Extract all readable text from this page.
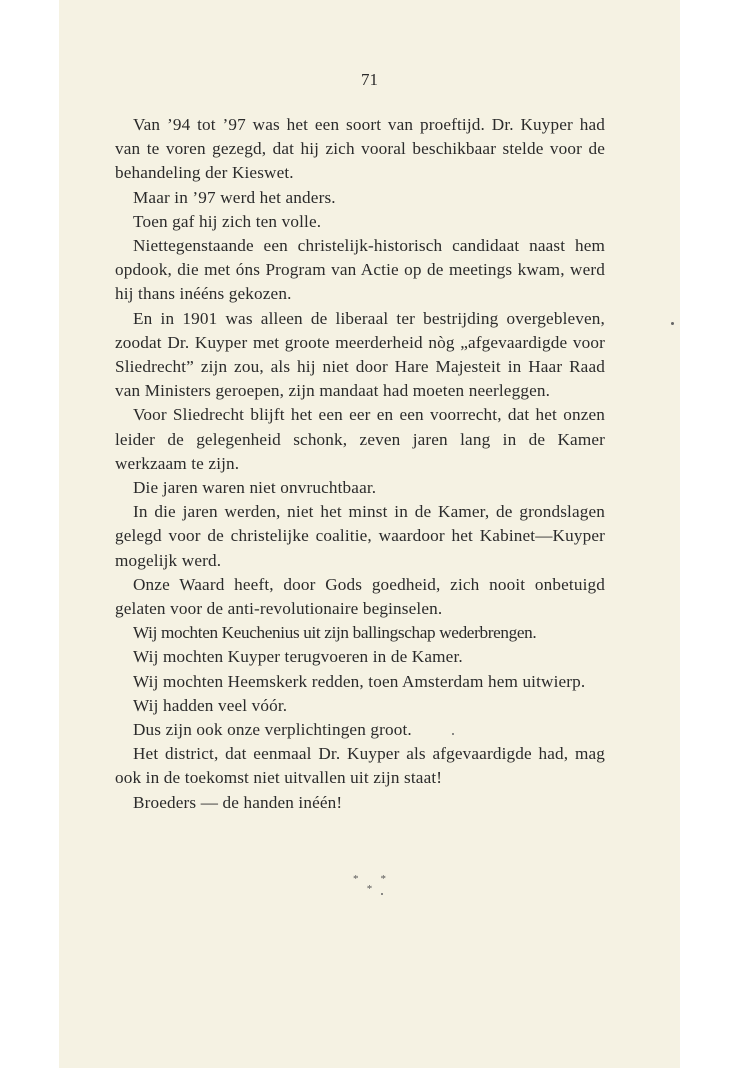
71

Van ’94 tot ’97 was het een soort van proeftijd. Dr. Kuyper had van te voren gezegd, dat hij zich vooral beschikbaar stelde voor de behandeling der Kieswet.

Maar in ’97 werd het anders.

Toen gaf hij zich ten volle.

Niettegenstaande een christelijk-historisch candidaat naast hem opdook, die met óns Program van Actie op de meetings kwam, werd hij thans inééns gekozen.

En in 1901 was alleen de liberaal ter bestrijding overgebleven, zoodat Dr. Kuyper met groote meerderheid nòg „afgevaardigde voor Sliedrecht” zijn zou, als hij niet door Hare Majesteit in Haar Raad van Ministers geroepen, zijn mandaat had moeten neerleggen.

Voor Sliedrecht blijft het een eer en een voorrecht, dat het onzen leider de gelegenheid schonk, zeven jaren lang in de Kamer werkzaam te zijn.

Die jaren waren niet onvruchtbaar.

In die jaren werden, niet het minst in de Kamer, de grondslagen gelegd voor de christelijke coalitie, waardoor het Kabinet—Kuyper mogelijk werd.

Onze Waard heeft, door Gods goedheid, zich nooit onbetuigd gelaten voor de anti-revolutionaire beginselen.

Wij mochten Keuchenius uit zijn ballingschap wederbrengen.

Wij mochten Kuyper terugvoeren in de Kamer.

Wij mochten Heemskerk redden, toen Amsterdam hem uitwierp.

Wij hadden veel vóór.

Dus zijn ook onze verplichtingen groot.

Het district, dat eenmaal Dr. Kuyper als afgevaardigde had, mag ook in de toekomst niet uitvallen uit zijn staat!

Broeders — de handen inéén!

**
*
